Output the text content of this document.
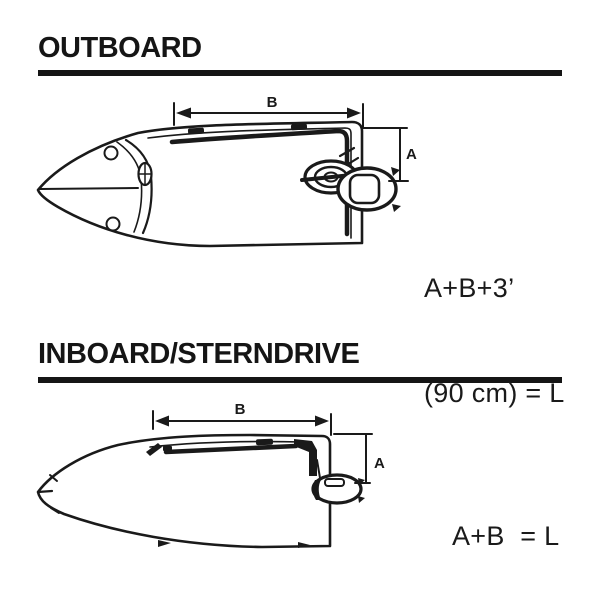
B
A
B
A
OUTBOARD
INBOARD/STERNDRIVE

A+B+3’

(90 cm) = L

A+B  = L
